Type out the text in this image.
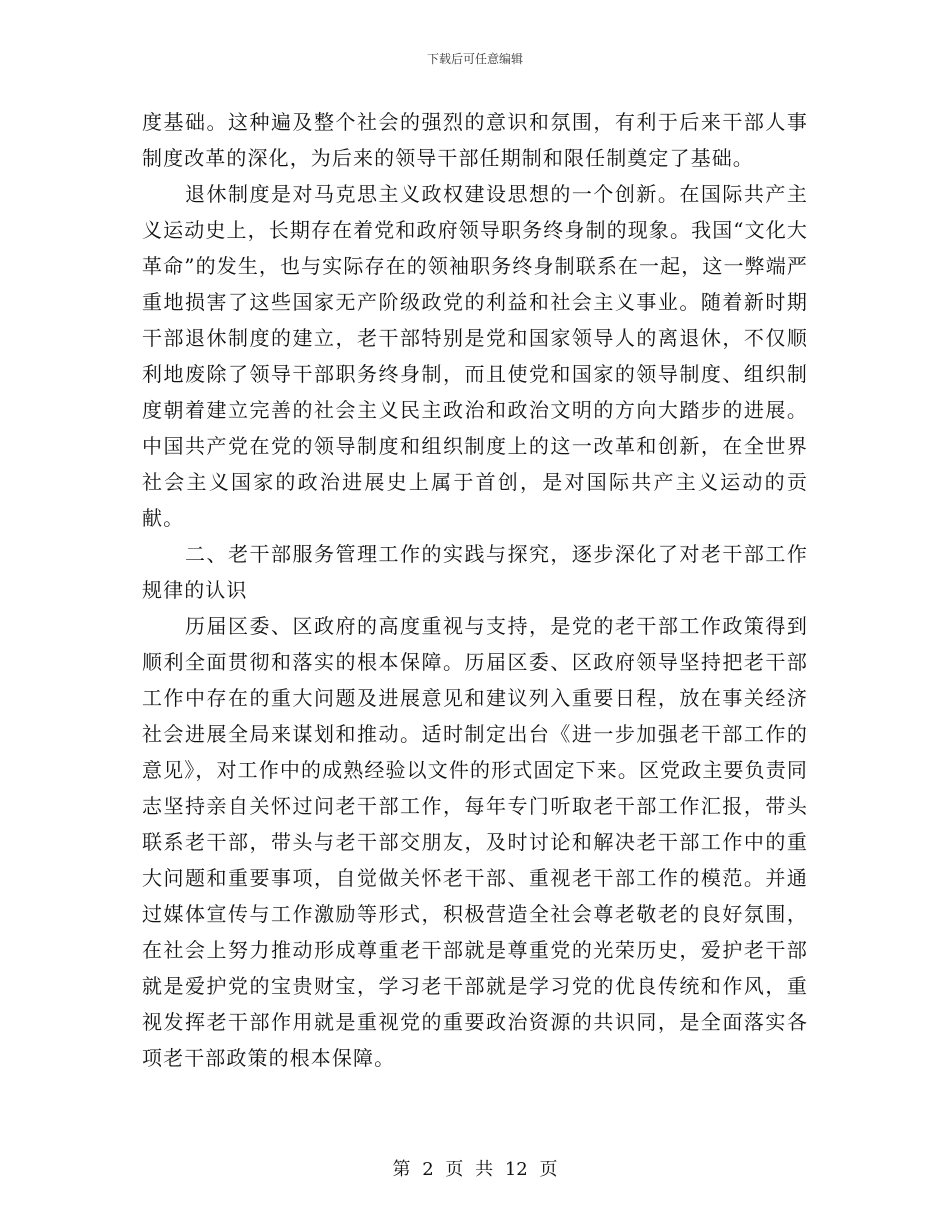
下载后可任意编辑

度基础。这种遍及整个社会的强烈的意识和氛围，有利于后来干部人事制度改革的深化，为后来的领导干部任期制和限任制奠定了基础。

退休制度是对马克思主义政权建设思想的一个创新。在国际共产主义运动史上，长期存在着党和政府领导职务终身制的现象。我国“文化大革命”的发生，也与实际存在的领袖职务终身制联系在一起，这一弊端严重地损害了这些国家无产阶级政党的利益和社会主义事业。随着新时期干部退休制度的建立，老干部特别是党和国家领导人的离退休，不仅顺利地废除了领导干部职务终身制，而且使党和国家的领导制度、组织制度朝着建立完善的社会主义民主政治和政治文明的方向大踏步的进展。中国共产党在党的领导制度和组织制度上的这一改革和创新，在全世界社会主义国家的政治进展史上属于首创，是对国际共产主义运动的贡献。

二、老干部服务管理工作的实践与探究，逐步深化了对老干部工作规律的认识

历届区委、区政府的高度重视与支持，是党的老干部工作政策得到顺利全面贯彻和落实的根本保障。历届区委、区政府领导坚持把老干部工作中存在的重大问题及进展意见和建议列入重要日程，放在事关经济社会进展全局来谋划和推动。适时制定出台《进一步加强老干部工作的意见》，对工作中的成熟经验以文件的形式固定下来。区党政主要负责同志坚持亲自关怀过问老干部工作，每年专门听取老干部工作汇报，带头联系老干部，带头与老干部交朋友，及时讨论和解决老干部工作中的重大问题和重要事项，自觉做关怀老干部、重视老干部工作的模范。并通过媒体宣传与工作激励等形式，积极营造全社会尊老敬老的良好氛围，在社会上努力推动形成尊重老干部就是尊重党的光荣历史，爱护老干部就是爱护党的宝贵财宝，学习老干部就是学习党的优良传统和作风，重视发挥老干部作用就是重视党的重要政治资源的共识同，是全面落实各项老干部政策的根本保障。

第 2 页 共 12 页
